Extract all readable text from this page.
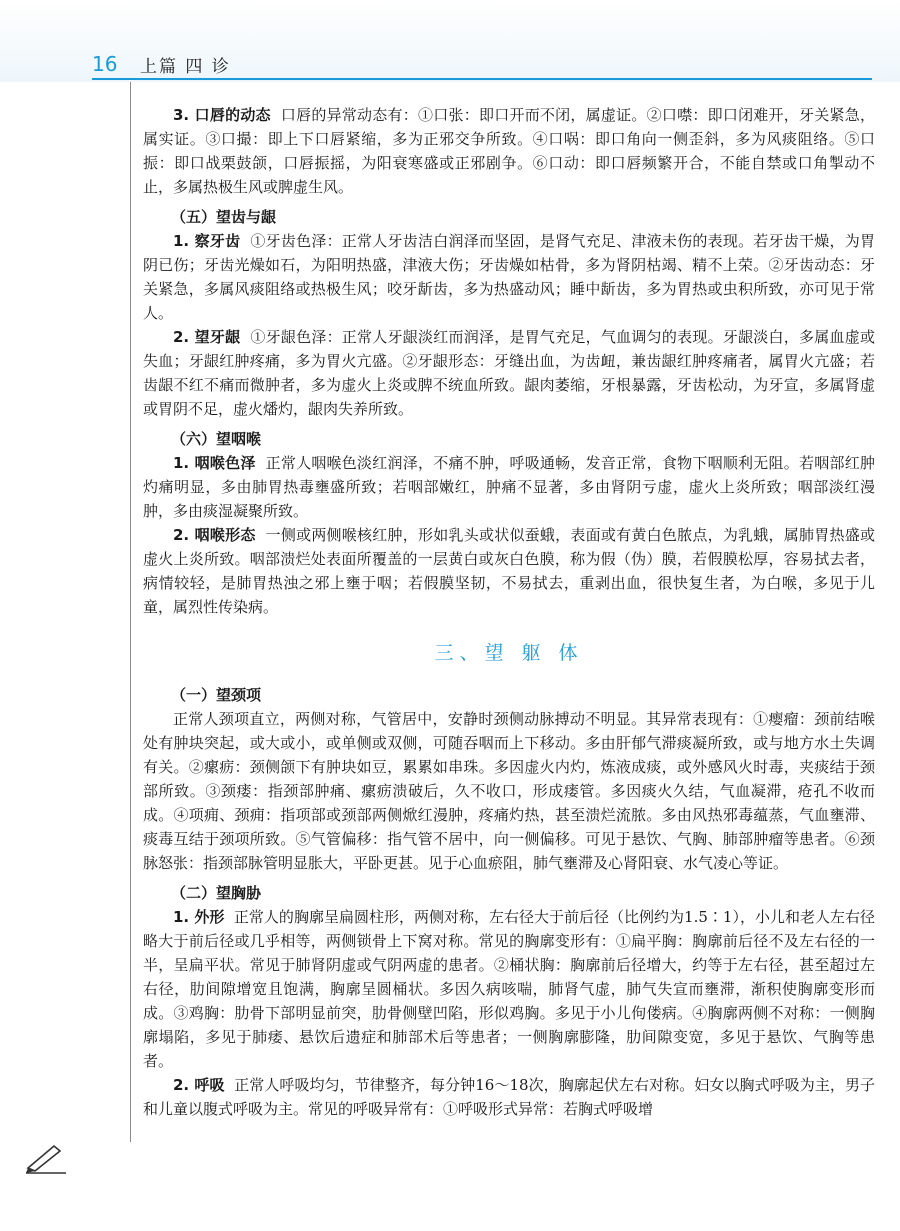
16 上篇 四 诊

3. 口唇的动态 口唇的异常动态有：①口张：即口开而不闭，属虚证。②口噤：即口闭难开，牙关紧急，属实证。③口撮：即上下口唇紧缩，多为正邪交争所致。④口㖞：即口角向一侧歪斜，多为风痰阻络。⑤口振：即口战栗鼓颌，口唇振摇，为阳衰寒盛或正邪剧争。⑥口动：即口唇频繁开合，不能自禁或口角掣动不止，多属热极生风或脾虚生风。

（五）望齿与龈

1. 察牙齿 ①牙齿色泽：正常人牙齿洁白润泽而坚固，是肾气充足、津液未伤的表现。若牙齿干燥，为胃阴已伤；牙齿光燥如石，为阳明热盛，津液大伤；牙齿燥如枯骨，多为肾阴枯竭、精不上荣。②牙齿动态：牙关紧急，多属风痰阻络或热极生风；咬牙龂齿，多为热盛动风；睡中龂齿，多为胃热或虫积所致，亦可见于常人。

2. 望牙龈 ①牙龈色泽：正常人牙龈淡红而润泽，是胃气充足，气血调匀的表现。牙龈淡白，多属血虚或失血；牙龈红肿疼痛，多为胃火亢盛。②牙龈形态：牙缝出血，为齿衄，兼齿龈红肿疼痛者，属胃火亢盛；若齿龈不红不痛而微肿者，多为虚火上炎或脾不统血所致。龈肉萎缩，牙根暴露，牙齿松动，为牙宣，多属肾虚或胃阴不足，虚火燔灼，龈肉失养所致。

（六）望咽喉

1. 咽喉色泽 正常人咽喉色淡红润泽，不痛不肿，呼吸通畅，发音正常，食物下咽顺利无阻。若咽部红肿灼痛明显，多由肺胃热毒壅盛所致；若咽部嫩红，肿痛不显著，多由肾阴亏虚，虚火上炎所致；咽部淡红漫肿，多由痰湿凝聚所致。

2. 咽喉形态 一侧或两侧喉核红肿，形如乳头或状似蚕蛾，表面或有黄白色脓点，为乳蛾，属肺胃热盛或虚火上炎所致。咽部溃烂处表面所覆盖的一层黄白或灰白色膜，称为假（伪）膜，若假膜松厚，容易拭去者，病情较轻，是肺胃热浊之邪上壅于咽；若假膜坚韧，不易拭去，重剥出血，很快复生者，为白喉，多见于儿童，属烈性传染病。

三、望 躯 体
（一）望颈项

正常人颈项直立，两侧对称，气管居中，安静时颈侧动脉搏动不明显。其异常表现有：①瘿瘤：颈前结喉处有肿块突起，或大或小，或单侧或双侧，可随吞咽而上下移动。多由肝郁气滞痰凝所致，或与地方水土失调有关。②瘰疬：颈侧颌下有肿块如豆，累累如串珠。多因虚火内灼，炼液成痰，或外感风火时毒，夹痰结于颈部所致。③颈瘘：指颈部肿痛、瘰疬溃破后，久不收口，形成瘘管。多因痰火久结，气血凝滞，疮孔不收而成。④项痈、颈痈：指项部或颈部两侧焮红漫肿，疼痛灼热，甚至溃烂流脓。多由风热邪毒蕴蒸，气血壅滞、痰毒互结于颈项所致。⑤气管偏移：指气管不居中，向一侧偏移。可见于悬饮、气胸、肺部肿瘤等患者。⑥颈脉怒张：指颈部脉管明显胀大，平卧更甚。见于心血瘀阻，肺气壅滞及心肾阳衰、水气凌心等证。

（二）望胸胁

1. 外形 正常人的胸廓呈扁圆柱形，两侧对称，左右径大于前后径（比例约为1.5∶1），小儿和老人左右径略大于前后径或几乎相等，两侧锁骨上下窝对称。常见的胸廓变形有：①扁平胸：胸廓前后径不及左右径的一半，呈扁平状。常见于肺肾阴虚或气阴两虚的患者。②桶状胸：胸廓前后径增大，约等于左右径，甚至超过左右径，肋间隙增宽且饱满，胸廓呈圆桶状。多因久病咳喘，肺肾气虚，肺气失宣而壅滞，渐积使胸廓变形而成。③鸡胸：肋骨下部明显前突，肋骨侧壁凹陷，形似鸡胸。多见于小儿佝偻病。④胸廓两侧不对称：一侧胸廓塌陷，多见于肺痿、悬饮后遗症和肺部术后等患者；一侧胸廓膨隆，肋间隙变宽，多见于悬饮、气胸等患者。

2. 呼吸 正常人呼吸均匀，节律整齐，每分钟16～18次，胸廓起伏左右对称。妇女以胸式呼吸为主，男子和儿童以腹式呼吸为主。常见的呼吸异常有：①呼吸形式异常：若胸式呼吸增
